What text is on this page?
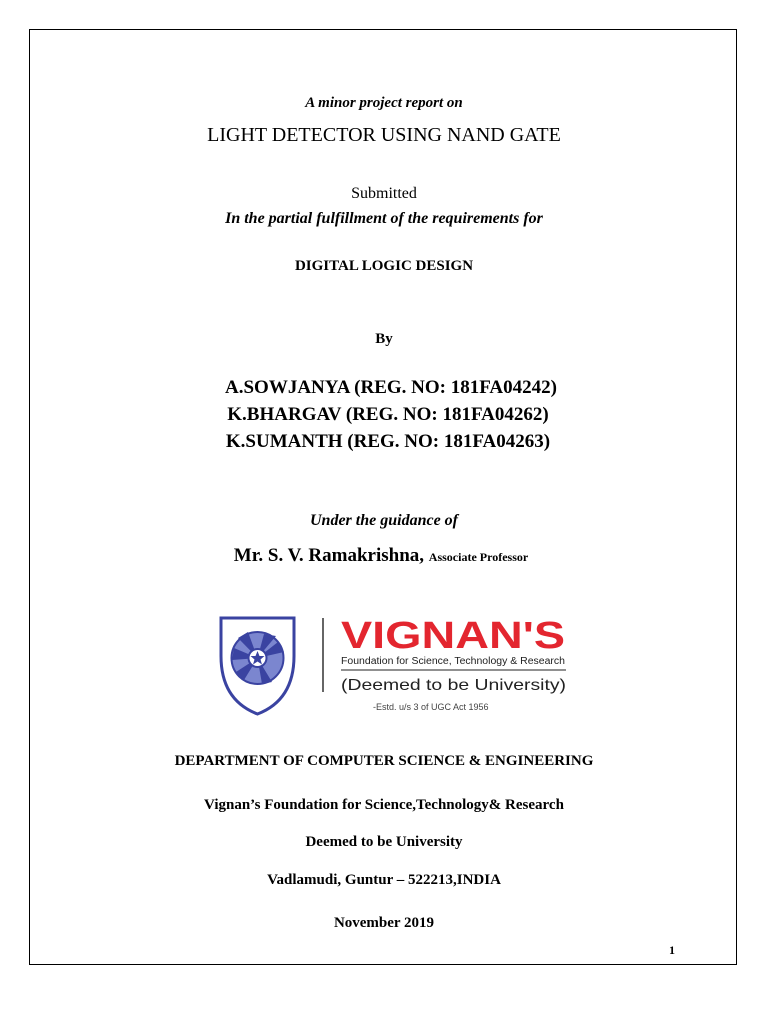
A minor project report on
LIGHT DETECTOR USING NAND GATE
Submitted
In the partial fulfillment of the requirements for
DIGITAL LOGIC DESIGN
By
A.SOWJANYA (REG. NO: 181FA04242)
K.BHARGAV (REG. NO: 181FA04262)
K.SUMANTH (REG. NO: 181FA04263)
Under the guidance of
Mr. S. V. Ramakrishna, Associate Professor
VIGNAN'S
Foundation for Science, Technology & Research
(Deemed to be University)
-Estd. u/s 3 of UGC Act 1956
DEPARTMENT OF COMPUTER SCIENCE & ENGINEERING
Vignan’s Foundation for Science,Technology& Research
Deemed to be University
Vadlamudi, Guntur – 522213,INDIA
November 2019
1
